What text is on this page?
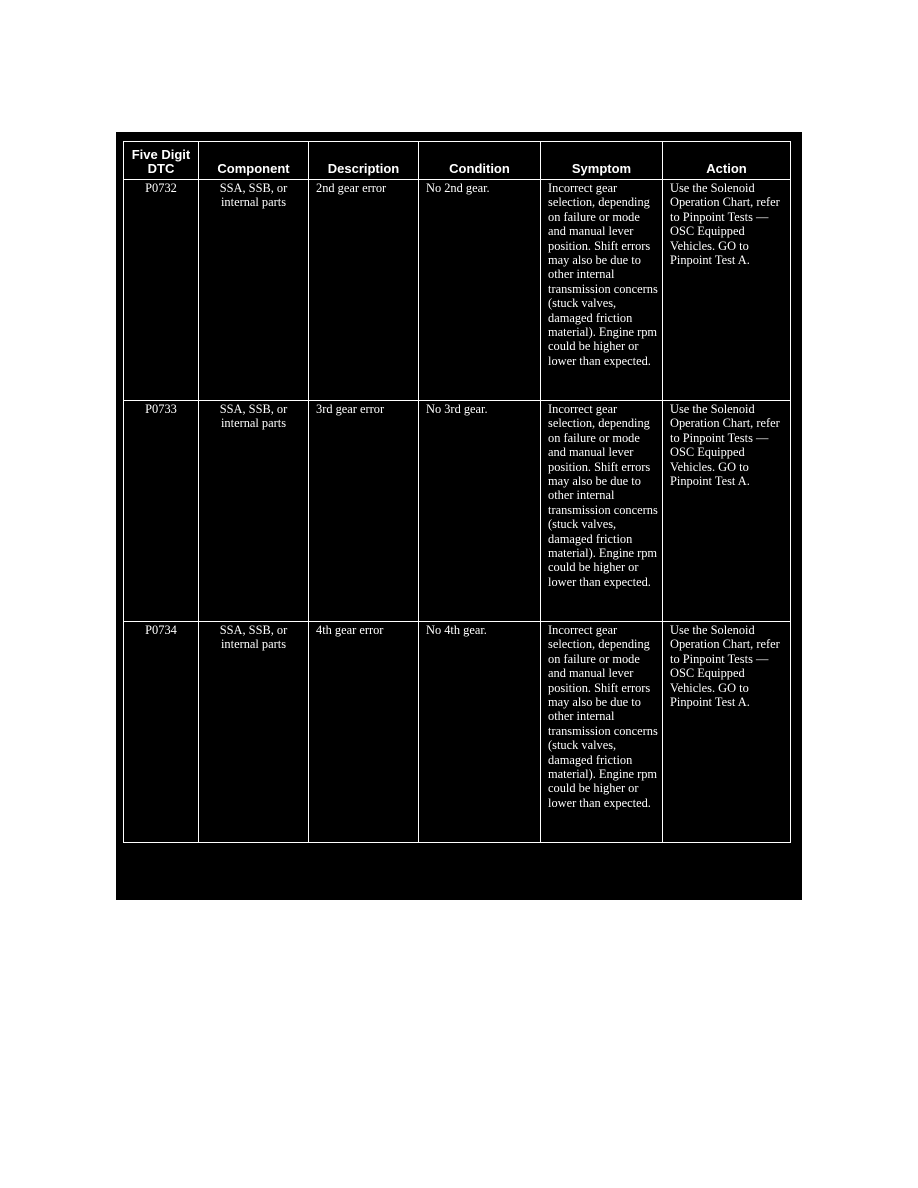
Five Digit DTC	Component	Description	Condition	Symptom	Action
P0732	SSA, SSB, or internal parts	2nd gear error	No 2nd gear.	Incorrect gear selection, depending on failure or mode and manual lever position. Shift errors may also be due to other internal transmission concerns (stuck valves, damaged friction material). Engine rpm could be higher or lower than expected.	Use the Solenoid Operation Chart, refer to Pinpoint Tests — OSC Equipped Vehicles. GO to Pinpoint Test A.
P0733	SSA, SSB, or internal parts	3rd gear error	No 3rd gear.	Incorrect gear selection, depending on failure or mode and manual lever position. Shift errors may also be due to other internal transmission concerns (stuck valves, damaged friction material). Engine rpm could be higher or lower than expected.	Use the Solenoid Operation Chart, refer to Pinpoint Tests — OSC Equipped Vehicles. GO to Pinpoint Test A.
P0734	SSA, SSB, or internal parts	4th gear error	No 4th gear.	Incorrect gear selection, depending on failure or mode and manual lever position. Shift errors may also be due to other internal transmission concerns (stuck valves, damaged friction material). Engine rpm could be higher or lower than expected.	Use the Solenoid Operation Chart, refer to Pinpoint Tests — OSC Equipped Vehicles. GO to Pinpoint Test A.
